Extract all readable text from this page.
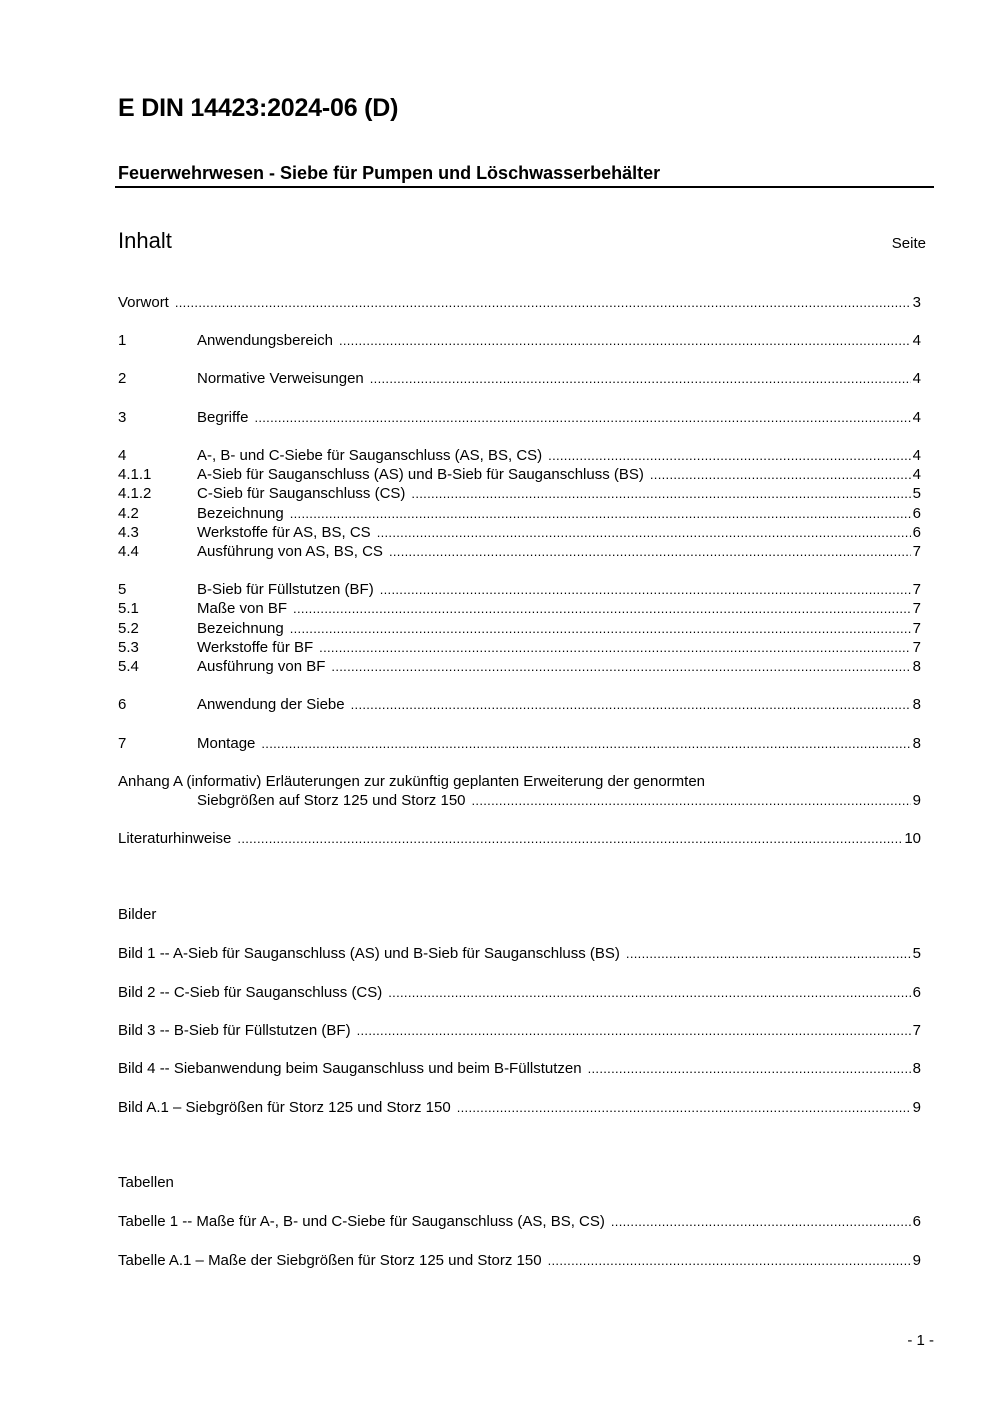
E DIN 14423:2024-06 (D)
Feuerwehrwesen - Siebe für Pumpen und Löschwasserbehälter
Inhalt	Seite
Vorwort .....	3
1	Anwendungsbereich .....	4
2	Normative Verweisungen .....	4
3	Begriffe .....	4
4	A-, B- und C-Siebe für Sauganschluss (AS, BS, CS) .....	4
4.1.1	A-Sieb für Sauganschluss (AS) und B-Sieb für Sauganschluss (BS) .....	4
4.1.2	C-Sieb für Sauganschluss (CS) .....	5
4.2	Bezeichnung .....	6
4.3	Werkstoffe für AS, BS, CS .....	6
4.4	Ausführung von AS, BS, CS .....	7
5	B-Sieb für Füllstutzen (BF) .....	7
5.1	Maße von BF .....	7
5.2	Bezeichnung .....	7
5.3	Werkstoffe für BF .....	7
5.4	Ausführung von BF .....	8
6	Anwendung der Siebe .....	8
7	Montage .....	8
Anhang A (informativ) Erläuterungen zur zukünftig geplanten Erweiterung der genormten
Siebgrößen auf Storz 125 und Storz 150 .....	9
Literaturhinweise .....	10
Bilder
Bild 1 -- A-Sieb für Sauganschluss (AS) und B-Sieb für Sauganschluss (BS) .....	5
Bild 2 -- C-Sieb für Sauganschluss (CS) .....	6
Bild 3 -- B-Sieb für Füllstutzen (BF) .....	7
Bild 4 -- Siebanwendung beim Sauganschluss und beim B-Füllstutzen .....	8
Bild A.1 – Siebgrößen für Storz 125 und Storz 150 .....	9
Tabellen
Tabelle 1 -- Maße für A-, B- und C-Siebe für Sauganschluss (AS, BS, CS) .....	6
Tabelle A.1 – Maße der Siebgrößen für Storz 125 und Storz 150 .....	9
- 1 -
